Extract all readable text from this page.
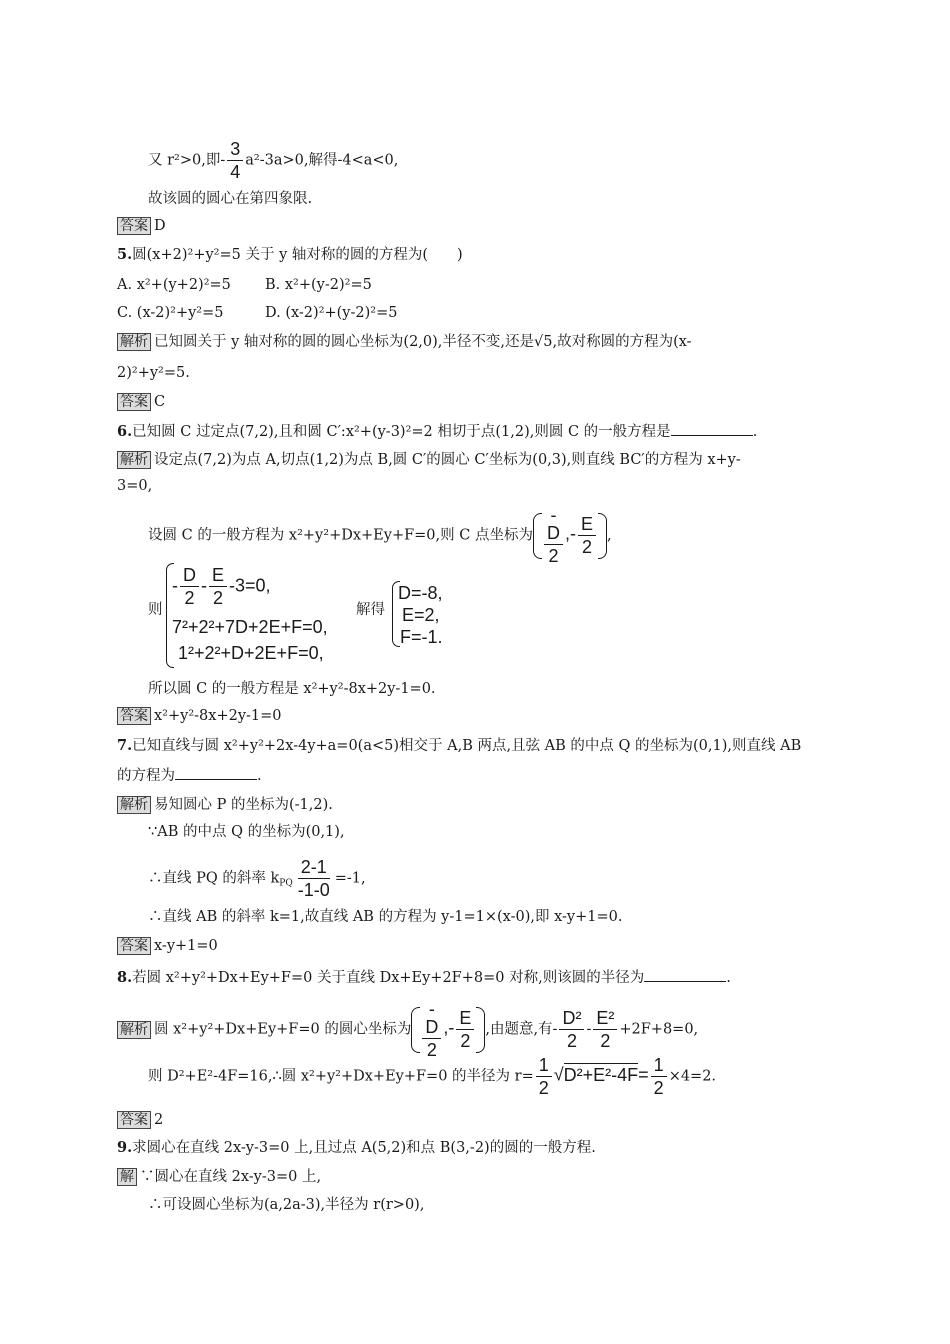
又 r²>0,即- $\frac{3}{4} a^2-3a>0$,解得-4<a<0,
故该圆的圆心在第四象限.
答案 D
5.圆(x+2)²+y²=5 关于 y 轴对称的圆的方程为(　　)
A. x²+(y+2)²=5 B. x²+(y-2)²=5
C. (x-2)²+y²=5	D. (x-2)²+(y-2)²=5
解析 已知圆关于 y 轴对称的圆的圆心坐标为(2,0),半径不变,还是√5,故对称圆的方程为(x-
2)²+y²=5.
答案 C
6.已知圆 C 过定点(7,2),且和圆 C′:x²+(y-3)²=2 相切于点(1,2),则圆 C 的一般方程是	.
解析 设定点(7,2)为点 A,切点(1,2)为点 B,圆 C′的圆心 C′坐标为(0,3),则直线 BC′的方程为 x+y-
3=0,
设圆 C 的一般方程为 x²+y²+Dx+Ey+F=0,则 C 点坐标为-
D
2
,- $\frac{E}{2}$ ,
则
- $\frac{D}{2} - \frac{E}{2} -3=0$,
7²+2²+7D+2E+F=0,
1²+2²+D+2E+F=0,
解得
D=-8,
E=2,
F=-1.
所以圆 C 的一般方程是 x²+y²-8x+2y-1=0.
答案 x²+y²-8x+2y-1=0
7.已知直线与圆 x²+y²+2x-4y+a=0(a<5)相交于 A,B 两点,且弦 AB 的中点 Q 的坐标为(0,1),则直线 AB
的方程为	.
解析 易知圆心 P 的坐标为(-1,2).
∵AB 的中点 Q 的坐标为(0,1),
∴直线 PQ 的斜率 $k_{PQ} \frac{2-1}{-1-0} =-1$,
∴直线 AB 的斜率 k=1,故直线 AB 的方程为 y-1=1×(x-0),即 x-y+1=0.
答案 x-y+1=0
8.若圆 x²+y²+Dx+Ey+F=0 关于直线 Dx+Ey+2F+8=0 对称,则该圆的半径为	.
解析 圆 x²+y²+Dx+Ey+F=0 的圆心坐标为-
D
2
,- $\frac{E}{2}$ ,由题意,有- $\frac{\text{D²}}{2} - \frac{\text{E²}}{2} +2F+8=0$,
则 D²+E²-4F=16,∴圆 x²+y²+Dx+Ey+F=0 的半径为 $r= \frac{1}{2} √D^2+E^2-4F= \frac{1}{2} \times 4=2$.
答案 2
9.求圆心在直线 2x-y-3=0 上,且过点 A(5,2)和点 B(3,-2)的圆的一般方程.
解 ∵圆心在直线 2x-y-3=0 上,
∴可设圆心坐标为(a,2a-3),半径为 r(r>0),
